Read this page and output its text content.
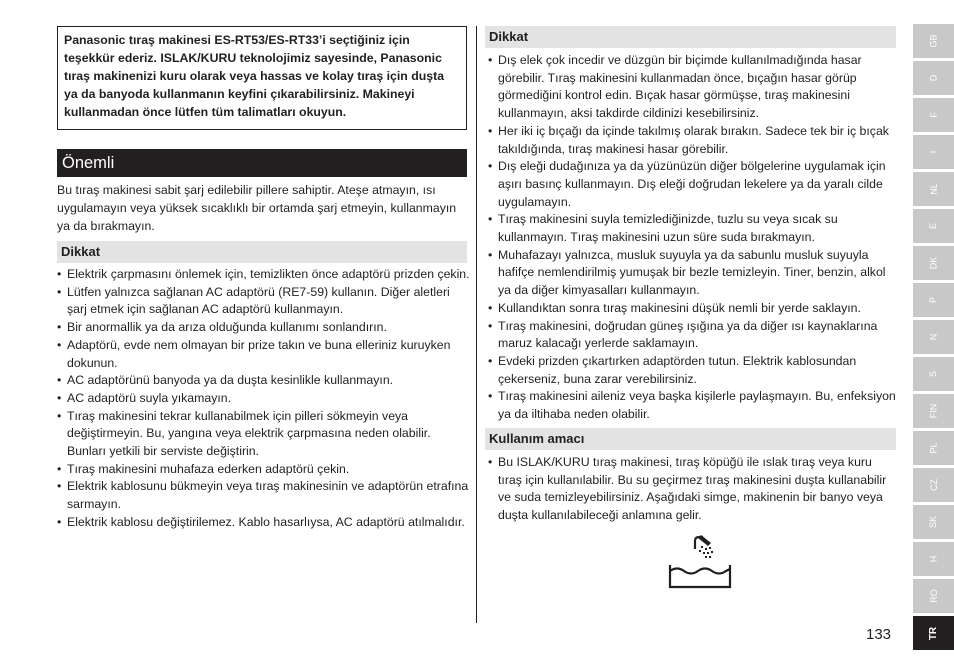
Panasonic tıraş makinesi ES-RT53/ES-RT33’i seçtiğiniz için teşekkür ederiz. ISLAK/KURU teknolojimiz sayesinde, Panasonic tıraş makinenizi kuru olarak veya hassas ve kolay tıraş için duşta ya da banyoda kullanmanın keyfini çıkarabilirsiniz. Makineyi kullanmadan önce lütfen tüm talimatları okuyun.
Önemli
Bu tıraş makinesi sabit şarj edilebilir pillere sahiptir. Ateşe atmayın, ısı uygulamayın veya yüksek sıcaklıklı bir ortamda şarj etmeyin, kullanmayın ya da bırakmayın.
Dikkat
• Elektrik çarpmasını önlemek için, temizlikten önce adaptörü prizden çekin.
• Lütfen yalnızca sağlanan AC adaptörü (RE7-59) kullanın. Diğer aletleri şarj etmek için sağlanan AC adaptörü kullanmayın.
• Bir anormallik ya da arıza olduğunda kullanımı sonlandırın.
• Adaptörü, evde nem olmayan bir prize takın ve buna elleriniz kuruyken dokunun.
• AC adaptörünü banyoda ya da duşta kesinlikle kullanmayın.
• AC adaptörü suyla yıkamayın.
• Tıraş makinesini tekrar kullanabilmek için pilleri sökmeyin veya değiştirmeyin. Bu, yangına veya elektrik çarpmasına neden olabilir. Bunları yetkili bir serviste değiştirin.
• Tıraş makinesini muhafaza ederken adaptörü çekin.
• Elektrik kablosunu bükmeyin veya tıraş makinesinin ve adaptörün etrafına sarmayın.
• Elektrik kablosu değiştirilemez. Kablo hasarlıysa, AC adaptörü atılmalıdır.
Dikkat
• Dış elek çok incedir ve düzgün bir biçimde kullanılmadığında hasar görebilir. Tıraş makinesini kullanmadan önce, bıçağın hasar görüp görmediğini kontrol edin. Bıçak hasar görmüşse, tıraş makinesini kullanmayın, aksi takdirde cildinizi kesebilirsiniz.
• Her iki iç bıçağı da içinde takılmış olarak bırakın. Sadece tek bir iç bıçak takıldığında, tıraş makinesi hasar görebilir.
• Dış eleği dudağınıza ya da yüzünüzün diğer bölgelerine uygulamak için aşırı basınç kullanmayın. Dış eleği doğrudan lekelere ya da yaralı cilde uygulamayın.
• Tıraş makinesini suyla temizlediğinizde, tuzlu su veya sıcak su kullanmayın. Tıraş makinesini uzun süre suda bırakmayın.
• Muhafazayı yalnızca, musluk suyuyla ya da sabunlu musluk suyuyla hafifçe nemlendirilmiş yumuşak bir bezle temizleyin. Tiner, benzin, alkol ya da diğer kimyasalları kullanmayın.
• Kullandıktan sonra tıraş makinesini düşük nemli bir yerde saklayın.
• Tıraş makinesini, doğrudan güneş ışığına ya da diğer ısı kaynaklarına maruz kalacağı yerlerde saklamayın.
• Evdeki prizden çıkartırken adaptörden tutun. Elektrik kablosundan çekerseniz, buna zarar verebilirsiniz.
• Tıraş makinesini aileniz veya başka kişilerle paylaşmayın. Bu, enfeksiyon ya da iltihaba neden olabilir.
Kullanım amacı
• Bu ISLAK/KURU tıraş makinesi, tıraş köpüğü ile ıslak tıraş veya kuru tıraş için kullanılabilir. Bu su geçirmez tıraş makinesini duşta kullanabilir ve suda temizleyebilirsiniz. Aşağıdaki simge, makinenin bir banyo veya duşta kullanılabileceği anlamına gelir.
GB
D
F
I
NL
E
DK
P
N
S
FIN
PL
CZ
SK
H
RO
TR
133
